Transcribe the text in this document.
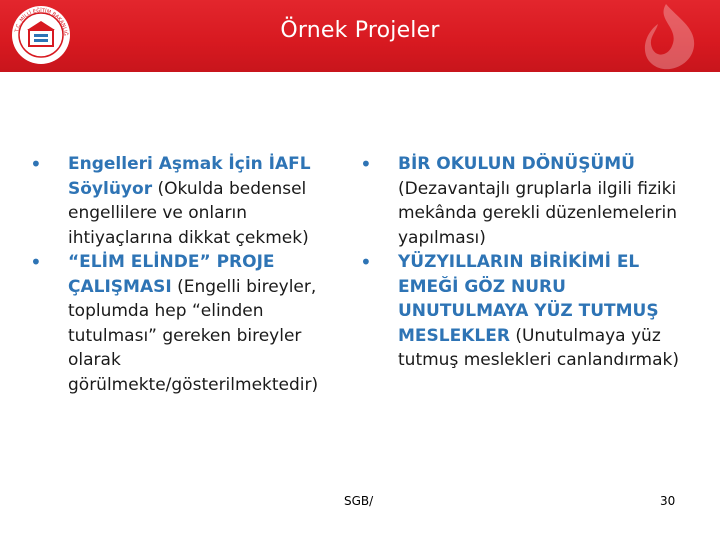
T.C. MİLLÎ EĞİTİM BAKANLIĞ	Örnek Projeler
• Engelleri Aşmak İçin İAFL Söylüyor (Okulda bedensel engellilere ve onların ihtiyaçlarına dikkat çekmek)
• “ELİM ELİNDE” PROJE ÇALIŞMASI (Engelli bireyler, toplumda hep “elinden tutulması” gereken bireyler olarak görülmekte/gösterilmektedir)
• BİR OKULUN DÖNÜŞÜMÜ (Dezavantajlı gruplarla ilgili fiziki mekânda gerekli düzenlemelerin yapılması)
• YÜZYILLARIN BİRİKİMİ EL EMEĞİ GÖZ NURU UNUTULMAYA YÜZ TUTMUŞ MESLEKLER (Unutulmaya yüz tutmuş meslekleri canlandırmak)
SGB/	30
